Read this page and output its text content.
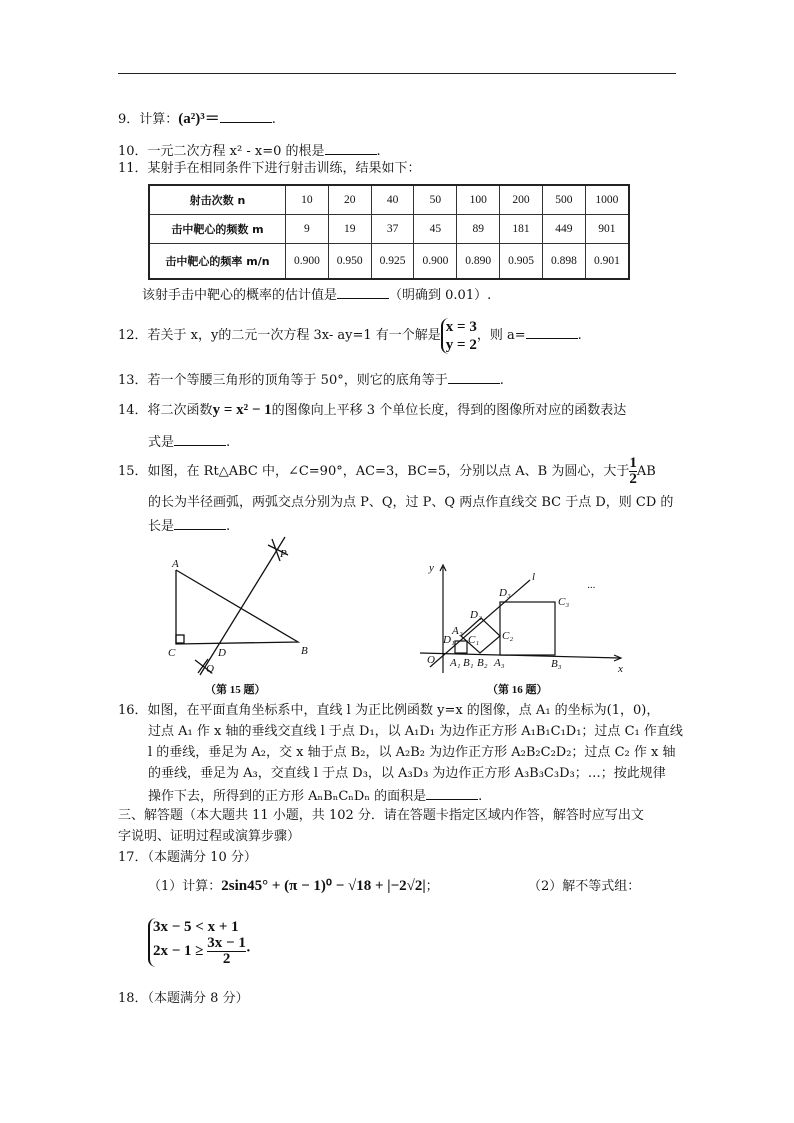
9．计算：(a²)³＝	.
10．一元二次方程 x² - x=0 的根是	.
11．某射手在相同条件下进行射击训练，结果如下：
射击次数 n	10	20	40	50	100	200	500	1000
击中靶心的频数 m	9	19	37	45	89	181	449	901
击中靶心的频率 m/n	0.900	0.950	0.925	0.900	0.890	0.905	0.898	0.901
该射手击中靶心的概率的估计值是	（明确到 0.01）.
12．若关于 x，y的二元一次方程 3x- ay=1 有一个解是
x = 3
y = 2
，则 a=	.
13．若一个等腰三角形的顶角等于 50°，则它的底角等于	.
14．将二次函数y = x² − 1的图像向上平移 3 个单位长度，得到的图像所对应的函数表达
式是	.
15．如图，在 Rt△ABC 中，∠C=90°，AC=3，BC=5，分别以点 A、B 为圆心，大于 $\frac{1}{2}$ AB
的长为半径画弧，两弧交点分别为点 P、Q，过 P、Q 两点作直线交 BC 于点 D，则 CD 的
长是	.
A
C	D	B
P
Q
（第 15 题）
y
x
O
l
A₁ B₁
C₁
D₁
A₂
B₂
C₂
D₂
A₃	B₃
C₃
D₃	···
（第 16 题）
16．如图，在平面直角坐标系中，直线 l 为正比例函数 y=x 的图像，点 A₁ 的坐标为(1，0)，
过点 A₁ 作 x 轴的垂线交直线 l 于点 D₁，以 A₁D₁ 为边作正方形 A₁B₁C₁D₁；过点 C₁ 作直线
l 的垂线，垂足为 A₂，交 x 轴于点 B₂，以 A₂B₂ 为边作正方形 A₂B₂C₂D₂；过点 C₂ 作 x 轴
的垂线，垂足为 A₃，交直线 l 于点 D₃，以 A₃D₃ 为边作正方形 A₃B₃C₃D₃；…；按此规律
操作下去，所得到的正方形 AₙBₙCₙDₙ 的面积是	.
三、解答题（本大题共 11 小题，共 102 分．请在答题卡指定区域内作答，解答时应写出文
字说明、证明过程或演算步骤）
17．（本题满分 10 分）
（1）计算：2sin45° + (π − 1)⁰ − √18 + |−2√2|；	（2）解不等式组：
3x − 5 < x + 1
$2x - 1 \ge \frac{3x - 1}{2}$ ·
18．（本题满分 8 分）
